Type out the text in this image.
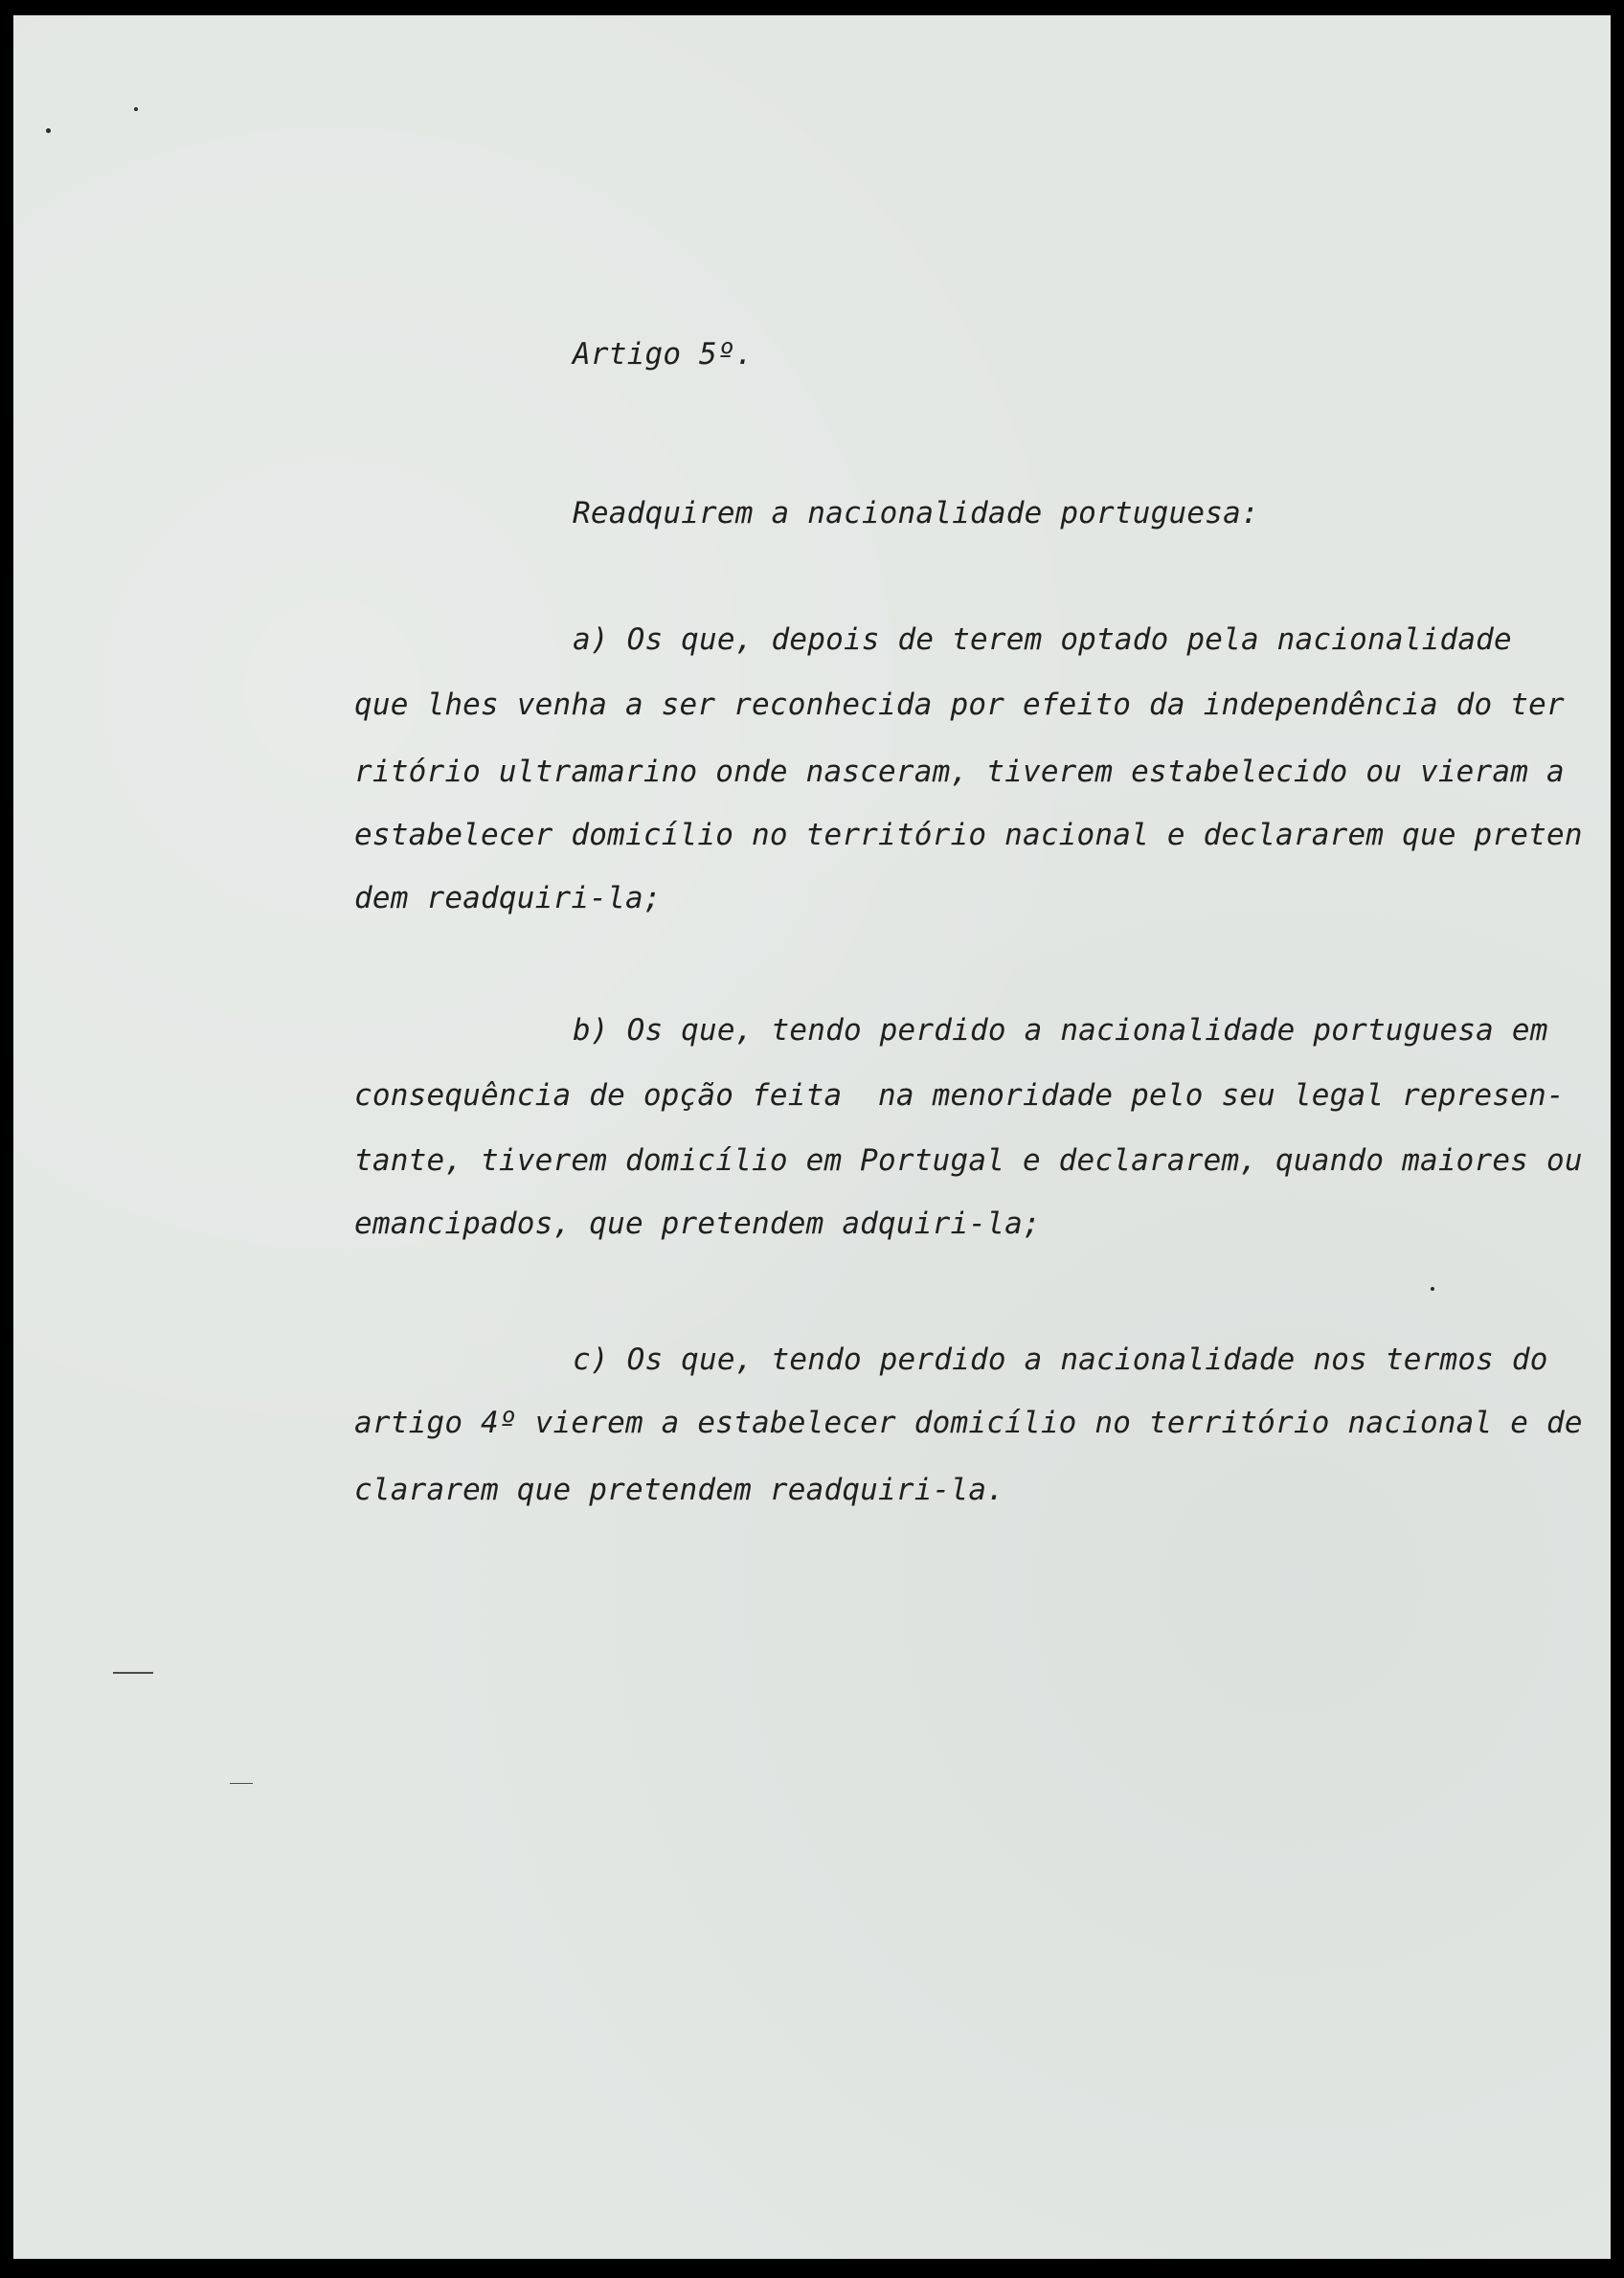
Artigo 5º.

Readquirem a nacionalidade portuguesa:

a) Os que, depois de terem optado pela nacionalidade

que lhes venha a ser reconhecida por efeito da independência do ter

ritório ultramarino onde nasceram, tiverem estabelecido ou vieram a

estabelecer domicílio no território nacional e declararem que preten

dem readquiri-la;

b) Os que, tendo perdido a nacionalidade portuguesa em

consequência de opção feita  na menoridade pelo seu legal represen-

tante, tiverem domicílio em Portugal e declararem, quando maiores ou

emancipados, que pretendem adquiri-la;

c) Os que, tendo perdido a nacionalidade nos termos do

artigo 4º vierem a estabelecer domicílio no território nacional e de

clararem que pretendem readquiri-la.
